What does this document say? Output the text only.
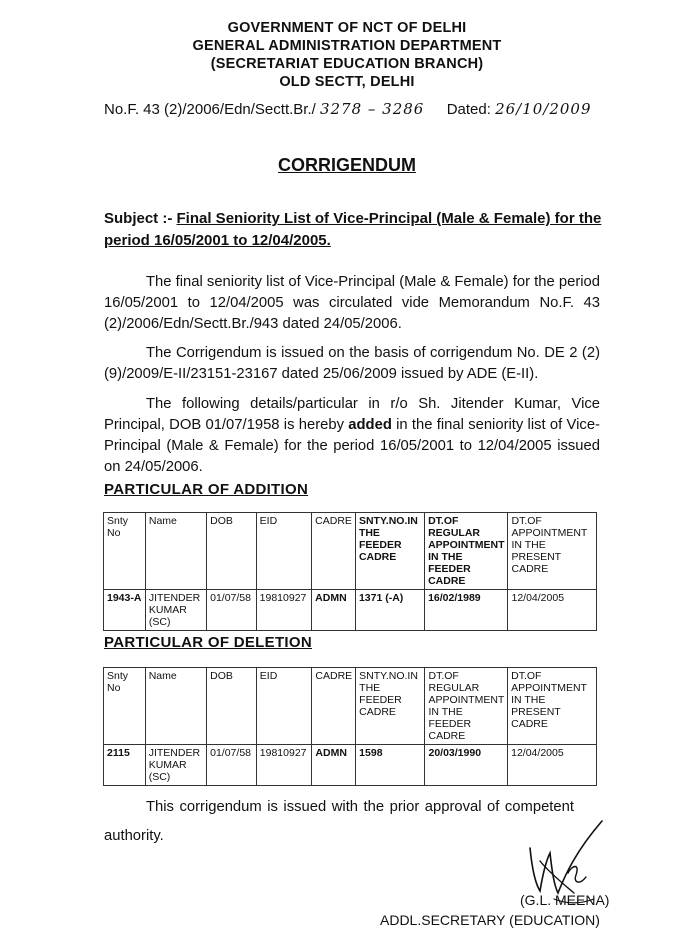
GOVERNMENT OF NCT OF DELHI
GENERAL ADMINISTRATION DEPARTMENT
(SECRETARIAT EDUCATION BRANCH)
OLD SECTT, DELHI
No.F. 43 (2)/2006/Edn/Sectt.Br./ 3278 – 3286 Dated: 26/10/2009
CORRIGENDUM
Subject :- Final Seniority List of Vice-Principal (Male & Female) for the period 16/05/2001 to 12/04/2005.
The final seniority list of Vice-Principal (Male & Female) for the period 16/05/2001 to 12/04/2005 was circulated vide Memorandum No.F. 43 (2)/2006/Edn/Sectt.Br./943 dated 24/05/2006.
The Corrigendum is issued on the basis of corrigendum No. DE 2 (2)(9)/2009/E-II/23151-23167 dated 25/06/2009 issued by ADE (E-II).
The following details/particular in r/o Sh. Jitender Kumar, Vice Principal, DOB 01/07/1958 is hereby added in the final seniority list of Vice-Principal (Male & Female) for the period 16/05/2001 to 12/04/2005 issued on 24/05/2006.
PARTICULAR OF ADDITION
Snty No	Name	DOB	EID	CADRE	SNTY.NO.IN THE FEEDER CADRE	DT.OF REGULAR APPOINTMENT IN THE FEEDER CADRE	DT.OF APPOINTMENT IN THE PRESENT CADRE
1943-A	JITENDER KUMAR (SC)	01/07/58	19810927	ADMN	1371 (-A)	16/02/1989	12/04/2005
PARTICULAR OF DELETION
Snty No	Name	DOB	EID	CADRE	SNTY.NO.IN THE FEEDER CADRE	DT.OF REGULAR APPOINTMENT IN THE FEEDER CADRE	DT.OF APPOINTMENT IN THE PRESENT CADRE
2115	JITENDER KUMAR (SC)	01/07/58	19810927	ADMN	1598	20/03/1990	12/04/2005
This corrigendum is issued with the prior approval of competent authority.
(G.L. MEENA)
ADDL.SECRETARY (EDUCATION)
